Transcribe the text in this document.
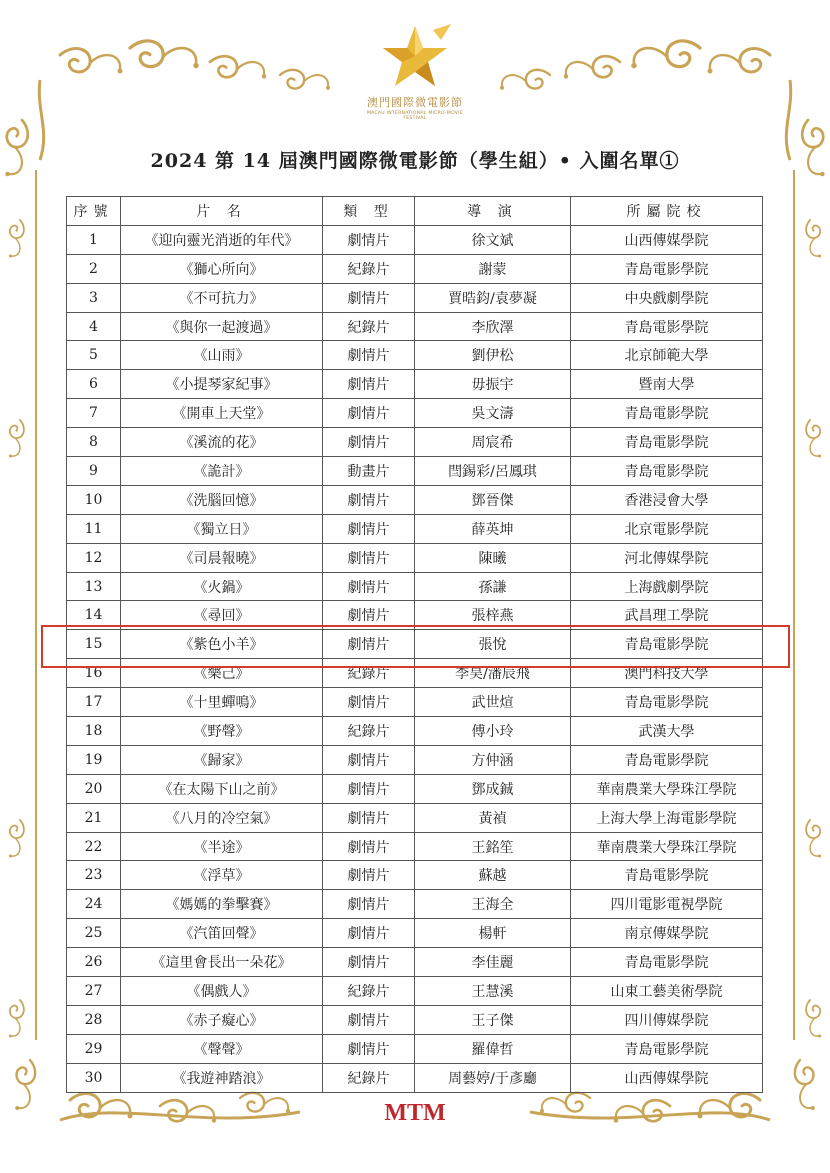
澳門國際微電影節
MACAU INTERNATIONAL MICRO-MOVIE FESTIVAL
2024 第 14 屆澳門國際微電影節（學生組）• 入圍名單①
序號	片 名	類 型	導 演	所屬院校
1	《迎向靈光消逝的年代》	劇情片	徐文斌	山西傳媒學院
2	《獅心所向》	紀錄片	謝蒙	青島電影學院
3	《不可抗力》	劇情片	賈晧鈞/袁夢凝	中央戲劇學院
4	《與你一起渡過》	紀錄片	李欣澤	青島電影學院
5	《山雨》	劇情片	劉伊松	北京師範大學
6	《小提琴家紀事》	劇情片	毋振宇	暨南大學
7	《開車上天堂》	劇情片	吳文濤	青島電影學院
8	《溪流的花》	劇情片	周宸希	青島電影學院
9	《詭計》	動畫片	閆錫彩/呂鳳琪	青島電影學院
10	《洗腦回憶》	劇情片	鄧晉傑	香港浸會大學
11	《獨立日》	劇情片	薛英坤	北京電影學院
12	《司晨報曉》	劇情片	陳曦	河北傳媒學院
13	《火鍋》	劇情片	孫謙	上海戲劇學院
14	《尋回》	劇情片	張梓燕	武昌理工學院
15	《紫色小羊》	劇情片	張悅	青島電影學院
16	《樂己》	紀錄片	李昊/潘辰飛	澳門科技大學
17	《十里蟬鳴》	劇情片	武世煊	青島電影學院
18	《野聲》	紀錄片	傅小玲	武漢大學
19	《歸家》	劇情片	方仲涵	青島電影學院
20	《在太陽下山之前》	劇情片	鄧成鋮	華南農業大學珠江學院
21	《八月的冷空氣》	劇情片	黃禎	上海大學上海電影學院
22	《半途》	劇情片	王銘笙	華南農業大學珠江學院
23	《浮草》	劇情片	蘇越	青島電影學院
24	《媽媽的拳擊賽》	劇情片	王海全	四川電影電視學院
25	《汽笛回聲》	劇情片	楊軒	南京傳媒學院
26	《這里會長出一朵花》	劇情片	李佳麗	青島電影學院
27	《偶戲人》	紀錄片	王慧溪	山東工藝美術學院
28	《赤子癡心》	劇情片	王子傑	四川傳媒學院
29	《聲聲》	劇情片	羅偉哲	青島電影學院
30	《我遊神踏浪》	紀錄片	周藝婷/于彥廳	山西傳媒學院
MTM
